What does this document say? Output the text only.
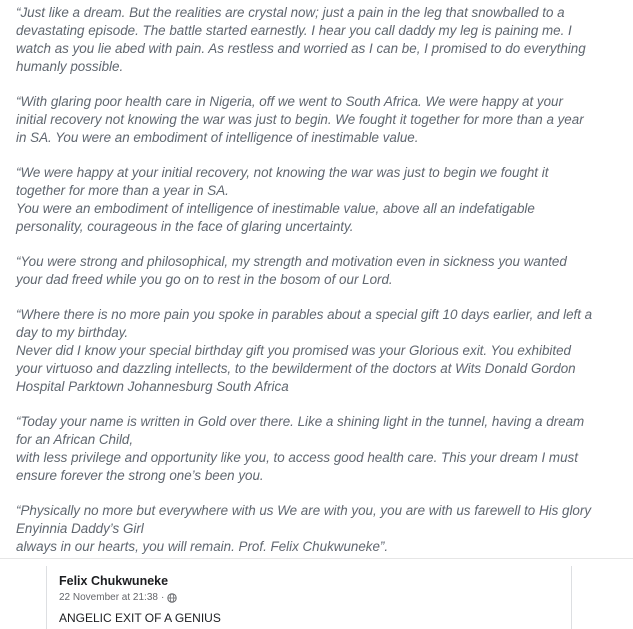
“Just like a dream. But the realities are crystal now; just a pain in the leg that snowballed to a
devastating episode. The battle started earnestly. I hear you call daddy my leg is paining me. I
watch as you lie abed with pain. As restless and worried as I can be, I promised to do everything
humanly possible.

“With glaring poor health care in Nigeria, off we went to South Africa. We were happy at your
initial recovery not knowing the war was just to begin. We fought it together for more than a year
in SA. You were an embodiment of intelligence of inestimable value.

“We were happy at your initial recovery, not knowing the war was just to begin we fought it
together for more than a year in SA.
You were an embodiment of intelligence of inestimable value, above all an indefatigable
personality, courageous in the face of glaring uncertainty.

“You were strong and philosophical, my strength and motivation even in sickness you wanted
your dad freed while you go on to rest in the bosom of our Lord.

“Where there is no more pain you spoke in parables about a special gift 10 days earlier, and left a
day to my birthday.
Never did I know your special birthday gift you promised was your Glorious exit. You exhibited
your virtuoso and dazzling intellects, to the bewilderment of the doctors at Wits Donald Gordon
Hospital Parktown Johannesburg South Africa

“Today your name is written in Gold over there. Like a shining light in the tunnel, having a dream
for an African Child,
with less privilege and opportunity like you, to access good health care. This your dream I must
ensure forever the strong one’s been you.

“Physically no more but everywhere with us We are with you, you are with us farewell to His glory
Enyinnia Daddy’s Girl
always in our hearts, you will remain. Prof. Felix Chukwuneke”.

Felix Chukwuneke
22 November at 21:38 ·
ANGELIC EXIT OF A GENIUS
